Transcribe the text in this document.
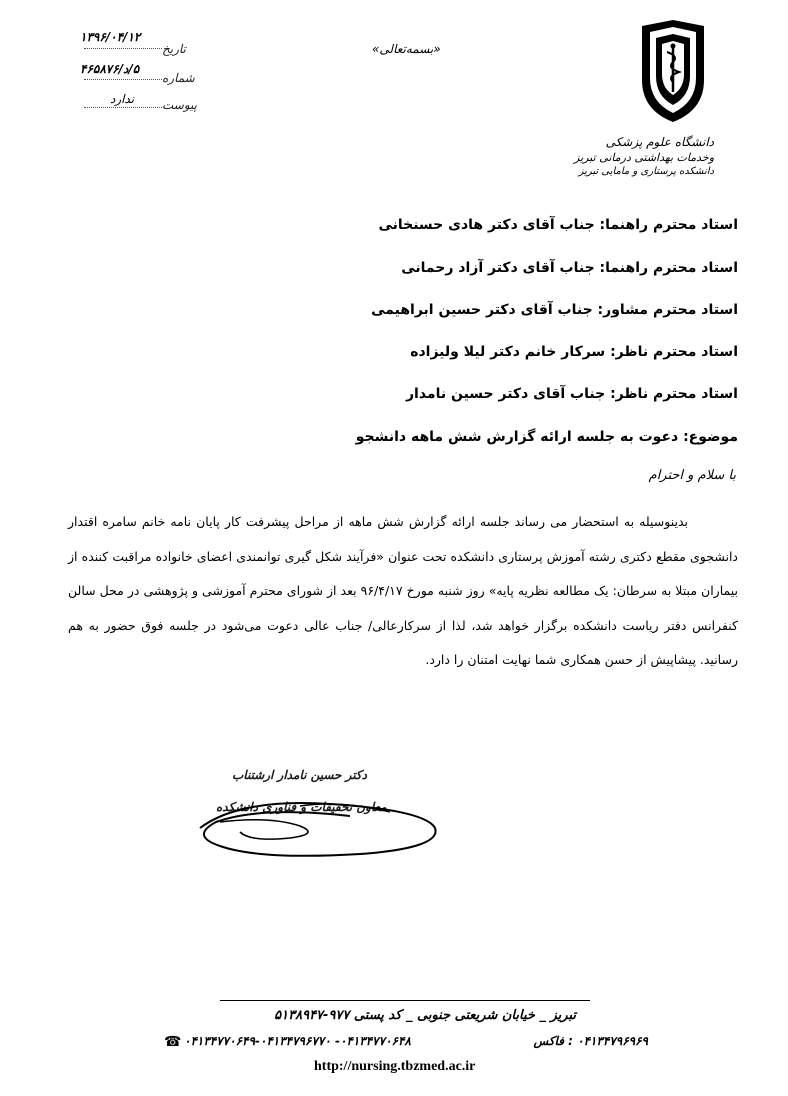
دانشگاه علوم پزشکی
وخدمات بهداشتی درمانی تبریز
دانشکده پرستاری و مامایی تبریز
«بسمه‌تعالی»
تاریخ
۱۳۹۶/۰۴/۱۲
شماره
۵/د/۴۶۵۸۷۶
پیوست
ندارد
استاد محترم راهنما: جناب آقای دکتر هادی حسنخانی
استاد محترم راهنما: جناب آقای دکتر آزاد رحمانی
استاد محترم مشاور: جناب آقای دکتر حسین ابراهیمی
استاد محترم ناظر: سرکار خانم دکتر لیلا ولیزاده
استاد محترم ناظر: جناب آقای دکتر حسین نامدار
موضوع: دعوت به جلسه ارائه گزارش شش ماهه دانشجو
با سلام و احترام

بدینوسیله به استحضار می رساند جلسه ارائه گزارش شش ماهه از مراحل پیشرفت کار پایان نامه خانم سامره اقتدار دانشجوی مقطع دکتری رشته آموزش پرستاری دانشکده تحت عنوان «فرآیند شکل گیری توانمندی اعضای خانواده مراقبت کننده از بیماران مبتلا به سرطان: یک مطالعه نظریه پایه» روز شنبه مورخ ۹۶/۴/۱۷ بعد از شورای محترم آموزشی و پژوهشی در محل سالن کنفرانس دفتر ریاست دانشکده برگزار خواهد شد، لذا از سرکارعالی/ جناب عالی دعوت می‌شود در جلسه فوق حضور به هم رسانید. پیشاپیش از حسن همکاری شما نهایت امتنان را دارد.

دکتر حسین نامدار ارشتناب
معاون تحقیقات و فناوری دانشکده
تبریز _ خیابان شریعتی جنوبی _ کد پستی ۹۷۷-۵۱۳۸۹۴۷
☎ ۰۴۱۳۴۷۷۰۶۴۸- ۰۴۱۳۴۷۷۰۶۴۹-۰۴۱۳۴۷۹۶۷۷۰	۰۴۱۳۴۷۹۶۹۶۹ : فاکس
http://nursing.tbzmed.ac.ir
